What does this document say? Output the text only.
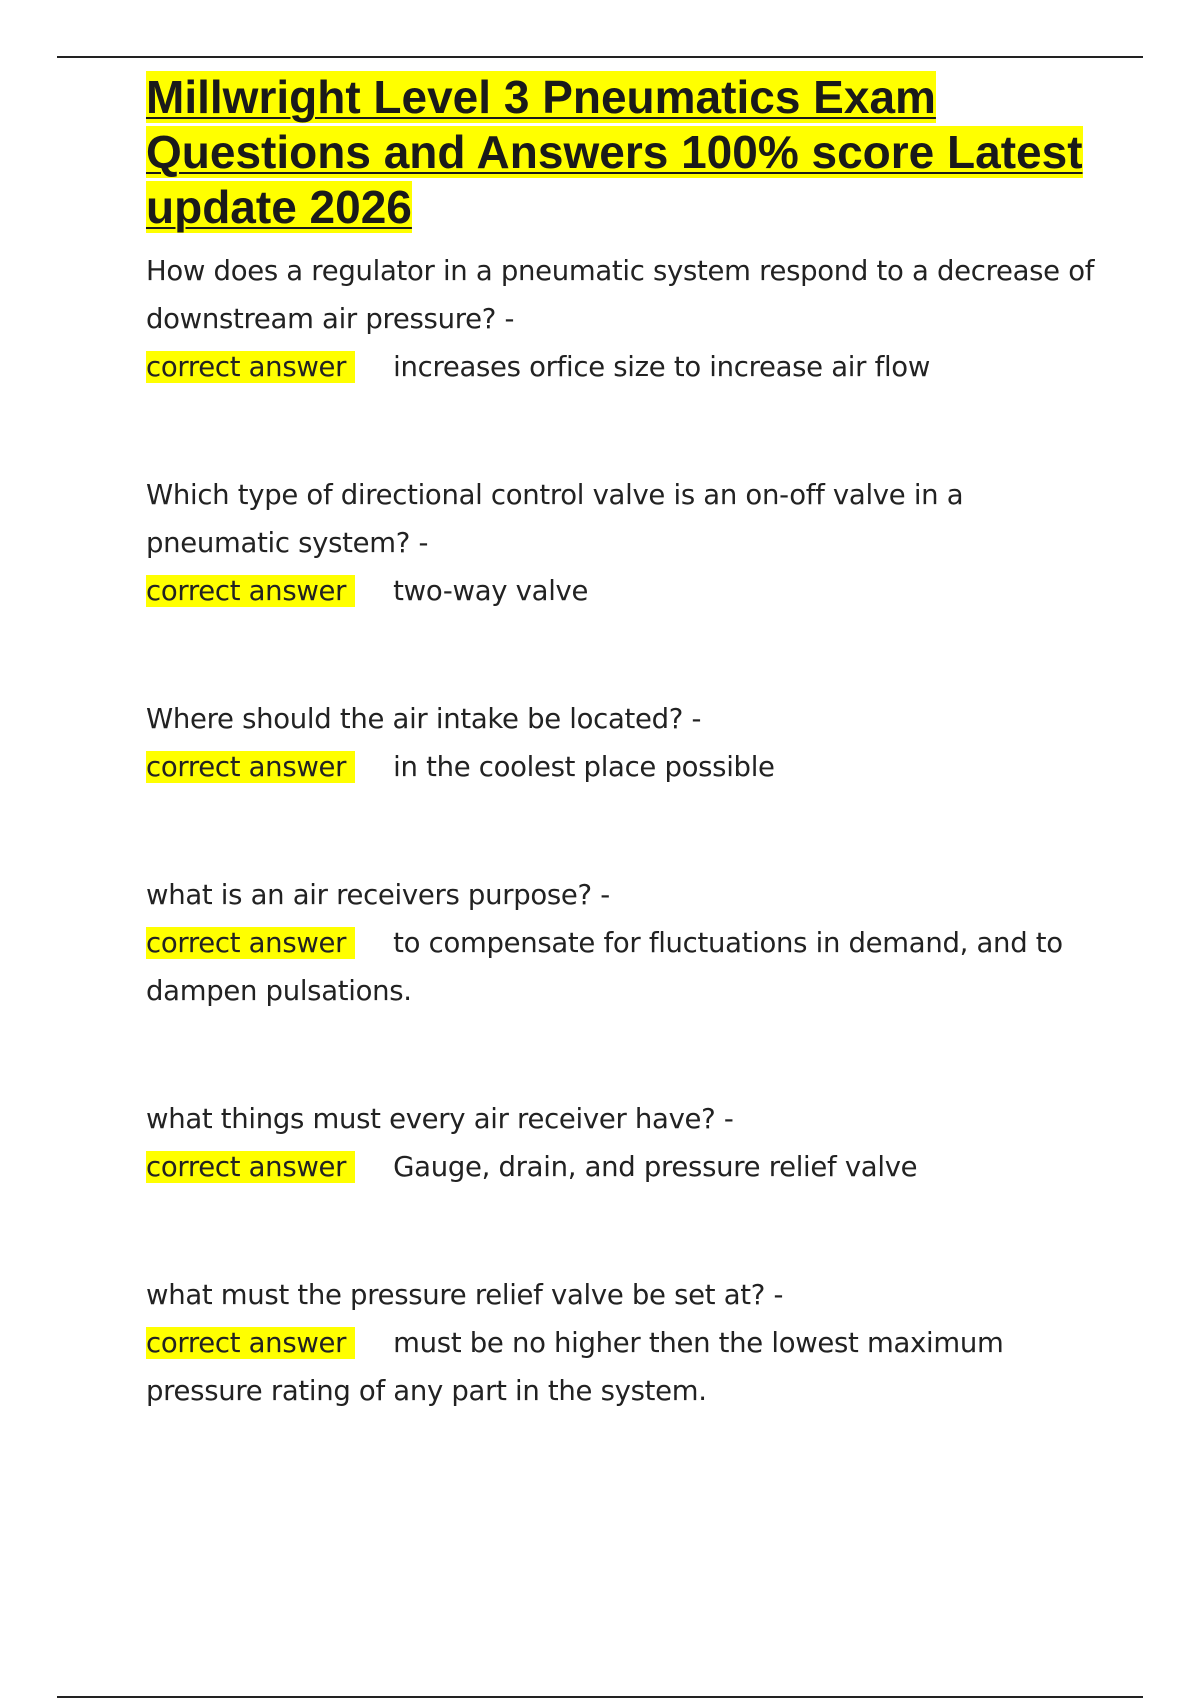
Millwright Level 3 Pneumatics Exam Questions and Answers 100% score Latest update 2026

How does a regulator in a pneumatic system respond to a decrease of downstream air pressure? -

correct answer increases orfice size to increase air flow

Which type of directional control valve is an on-off valve in a pneumatic system? -

correct answer two-way valve

Where should the air intake be located? -

correct answer in the coolest place possible

what is an air receivers purpose? -

correct answer to compensate for fluctuations in demand, and to dampen pulsations.

what things must every air receiver have? -

correct answer Gauge, drain, and pressure relief valve

what must the pressure relief valve be set at? -

correct answer must be no higher then the lowest maximum pressure rating of any part in the system.
